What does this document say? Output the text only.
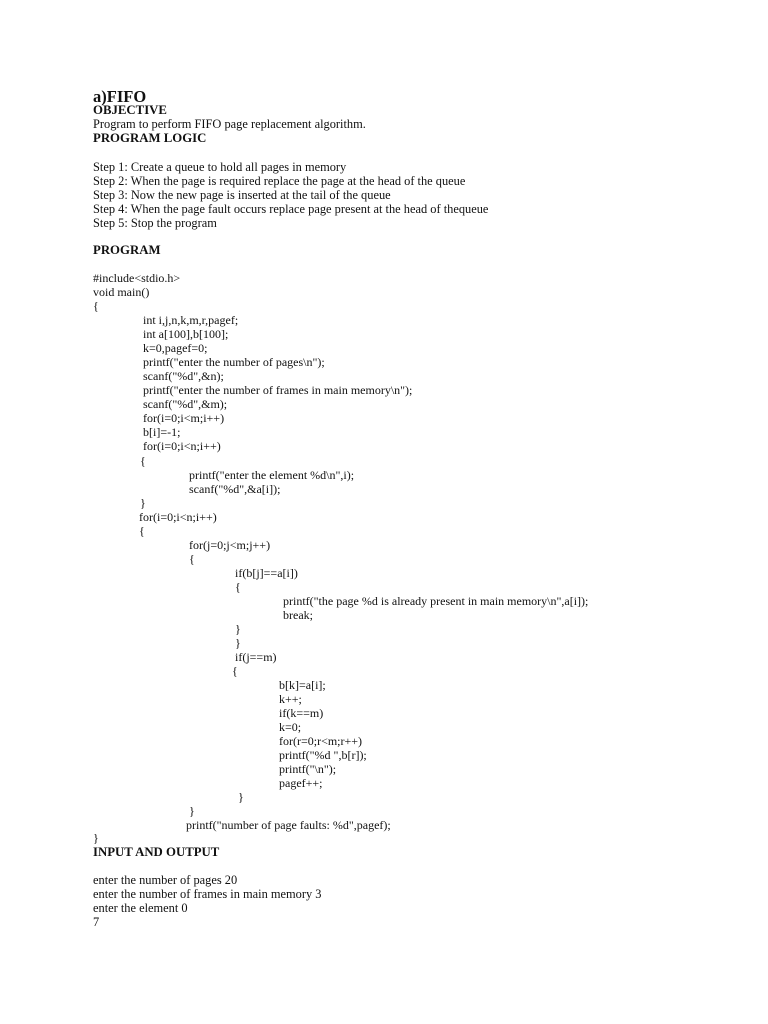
a)FIFO
OBJECTIVE
Program to perform FIFO page replacement algorithm.
PROGRAM LOGIC
Step 1: Create a queue to hold all pages in memory
Step 2: When the page is required replace the page at the head of the queue
Step 3: Now the new page is inserted at the tail of the queue
Step 4: When the page fault occurs replace page present at the head of thequeue
Step 5: Stop the program
PROGRAM
#include<stdio.h>
void main()
{
int i,j,n,k,m,r,pagef;
int a[100],b[100];
k=0,pagef=0;
printf("enter the number of pages\n");
scanf("%d",&n);
printf("enter the number of frames in main memory\n");
scanf("%d",&m);
for(i=0;i<m;i++)
b[i]=-1;
for(i=0;i<n;i++)
{
printf("enter the element %d\n",i);
scanf("%d",&a[i]);
}
for(i=0;i<n;i++)
{
for(j=0;j<m;j++)
{
if(b[j]==a[i])
{
printf("the page %d is already present in main memory\n",a[i]);
break;
}
}
if(j==m)
{
b[k]=a[i];
k++;
if(k==m)
k=0;
for(r=0;r<m;r++)
printf("%d ",b[r]);
printf("\n");
pagef++;
}
}
printf("number of page faults: %d",pagef);
}
INPUT AND OUTPUT
enter the number of pages 20
enter the number of frames in main memory 3
enter the element 0
7
